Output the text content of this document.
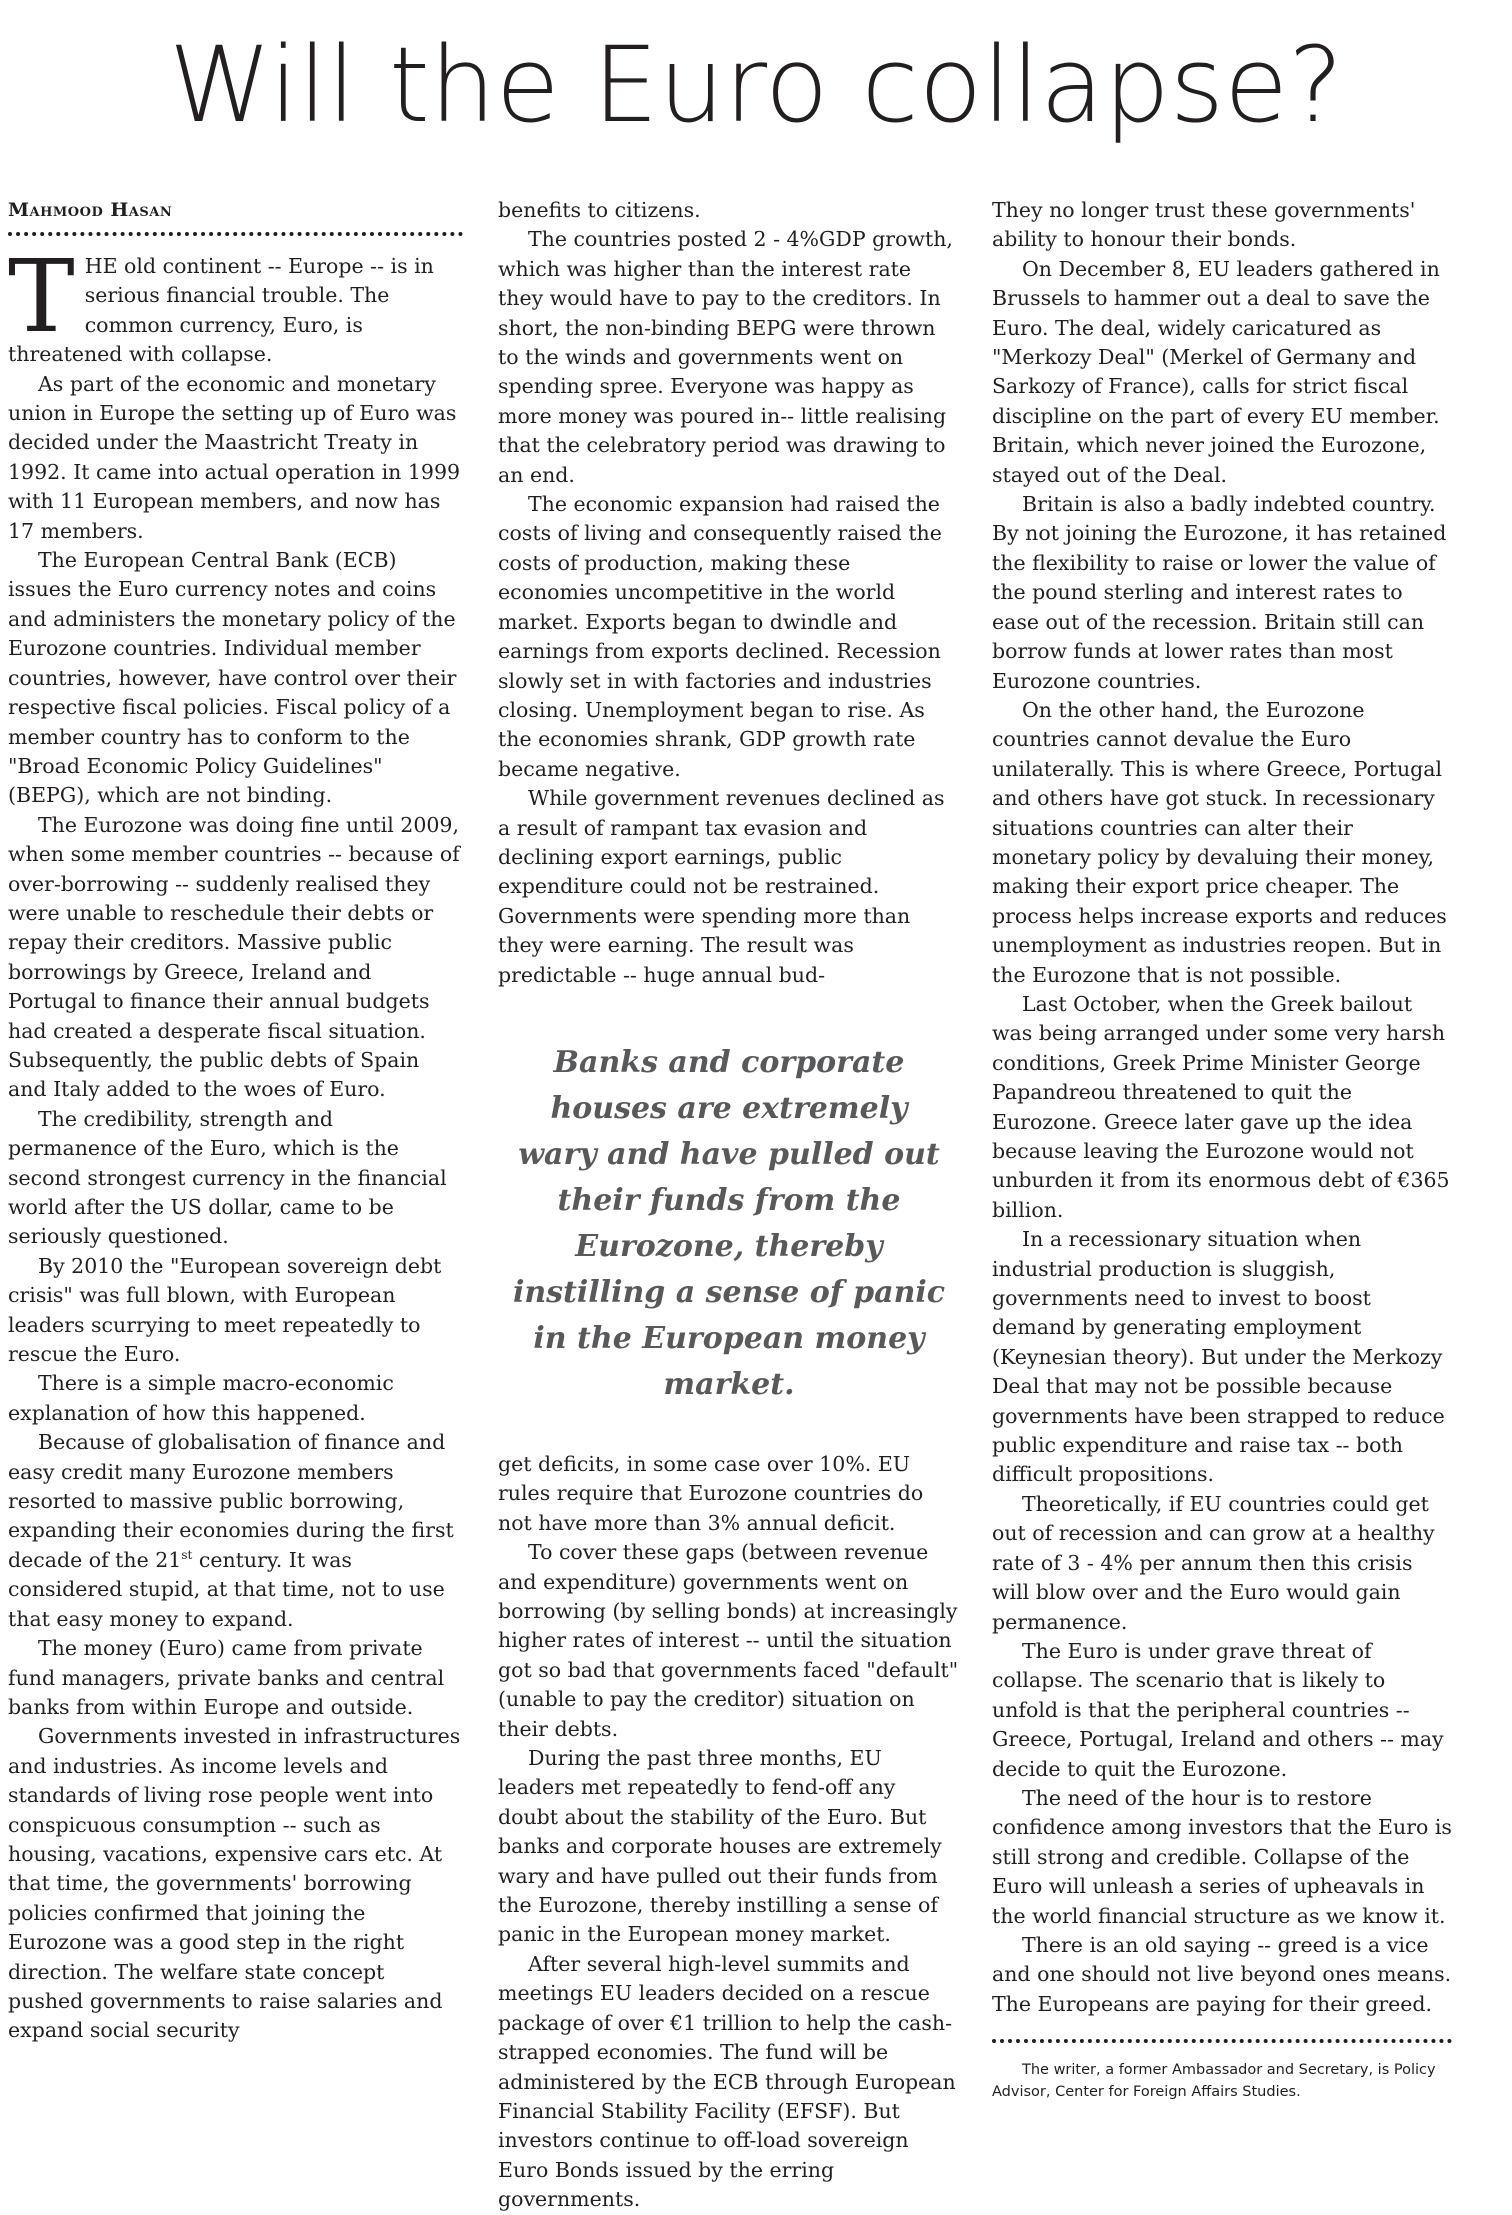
Will the Euro collapse?
Mahmood Hasan

THE old continent -- Europe -- is in serious financial trouble. The common currency, Euro, is threatened with collapse.

As part of the economic and monetary union in Europe the setting up of Euro was decided under the Maastricht Treaty in 1992. It came into actual operation in 1999 with 11 European members, and now has 17 members.

The European Central Bank (ECB) issues the Euro currency notes and coins and administers the monetary policy of the Eurozone countries. Individual member countries, however, have control over their respective fiscal policies. Fiscal policy of a member country has to conform to the "Broad Economic Policy Guidelines" (BEPG), which are not binding.

The Eurozone was doing fine until 2009, when some member countries -- because of over-borrowing -- suddenly realised they were unable to reschedule their debts or repay their creditors. Massive public borrowings by Greece, Ireland and Portugal to finance their annual budgets had created a desperate fiscal situation. Subsequently, the public debts of Spain and Italy added to the woes of Euro.

The credibility, strength and permanence of the Euro, which is the second strongest currency in the financial world after the US dollar, came to be seriously questioned.

By 2010 the "European sovereign debt crisis" was full blown, with European leaders scurrying to meet repeatedly to rescue the Euro.

There is a simple macro-economic explanation of how this happened.

Because of globalisation of finance and easy credit many Eurozone members resorted to massive public borrowing, expanding their economies during the first decade of the 21st century. It was considered stupid, at that time, not to use that easy money to expand.

The money (Euro) came from private fund managers, private banks and central banks from within Europe and outside.

Governments invested in infrastructures and industries. As income levels and standards of living rose people went into conspicuous consumption -- such as housing, vacations, expensive cars etc. At that time, the governments' borrowing policies confirmed that joining the Eurozone was a good step in the right direction. The welfare state concept pushed governments to raise salaries and expand social security

benefits to citizens.

The countries posted 2 - 4%GDP growth, which was higher than the interest rate they would have to pay to the creditors. In short, the non-binding BEPG were thrown to the winds and governments went on spending spree. Everyone was happy as more money was poured in-- little realising that the celebratory period was drawing to an end.

The economic expansion had raised the costs of living and consequently raised the costs of production, making these economies uncompetitive in the world market. Exports began to dwindle and earnings from exports declined. Recession slowly set in with factories and industries closing. Unemployment began to rise. As the economies shrank, GDP growth rate became negative.

While government revenues declined as a result of rampant tax evasion and declining export earnings, public expenditure could not be restrained. Governments were spending more than they were earning. The result was predictable -- huge annual bud-

Banks and corporate houses are extremely wary and have pulled out their funds from the Eurozone, thereby instilling a sense of panic in the European money market.

get deficits, in some case over 10%. EU rules require that Eurozone countries do not have more than 3% annual deficit.

To cover these gaps (between revenue and expenditure) governments went on borrowing (by selling bonds) at increasingly higher rates of interest -- until the situation got so bad that governments faced "default" (unable to pay the creditor) situation on their debts.

During the past three months, EU leaders met repeatedly to fend-off any doubt about the stability of the Euro. But banks and corporate houses are extremely wary and have pulled out their funds from the Eurozone, thereby instilling a sense of panic in the European money market.

After several high-level summits and meetings EU leaders decided on a rescue package of over €1 trillion to help the cash-strapped economies. The fund will be administered by the ECB through European Financial Stability Facility (EFSF). But investors continue to off-load sovereign Euro Bonds issued by the erring governments.

They no longer trust these governments' ability to honour their bonds.

On December 8, EU leaders gathered in Brussels to hammer out a deal to save the Euro. The deal, widely caricatured as "Merkozy Deal" (Merkel of Germany and Sarkozy of France), calls for strict fiscal discipline on the part of every EU member. Britain, which never joined the Eurozone, stayed out of the Deal.

Britain is also a badly indebted country. By not joining the Eurozone, it has retained the flexibility to raise or lower the value of the pound sterling and interest rates to ease out of the recession. Britain still can borrow funds at lower rates than most Eurozone countries.

On the other hand, the Eurozone countries cannot devalue the Euro unilaterally. This is where Greece, Portugal and others have got stuck. In recessionary situations countries can alter their monetary policy by devaluing their money, making their export price cheaper. The process helps increase exports and reduces unemployment as industries reopen. But in the Eurozone that is not possible.

Last October, when the Greek bailout was being arranged under some very harsh conditions, Greek Prime Minister George Papandreou threatened to quit the Eurozone. Greece later gave up the idea because leaving the Eurozone would not unburden it from its enormous debt of €365 billion.

In a recessionary situation when industrial production is sluggish, governments need to invest to boost demand by generating employment (Keynesian theory). But under the Merkozy Deal that may not be possible because governments have been strapped to reduce public expenditure and raise tax -- both difficult propositions.

Theoretically, if EU countries could get out of recession and can grow at a healthy rate of 3 - 4% per annum then this crisis will blow over and the Euro would gain permanence.

The Euro is under grave threat of collapse. The scenario that is likely to unfold is that the peripheral countries -- Greece, Portugal, Ireland and others -- may decide to quit the Eurozone.

The need of the hour is to restore confidence among investors that the Euro is still strong and credible. Collapse of the Euro will unleash a series of upheavals in the world financial structure as we know it.

There is an old saying -- greed is a vice and one should not live beyond ones means. The Europeans are paying for their greed.

The writer, a former Ambassador and Secretary, is Policy Advisor, Center for Foreign Affairs Studies.
